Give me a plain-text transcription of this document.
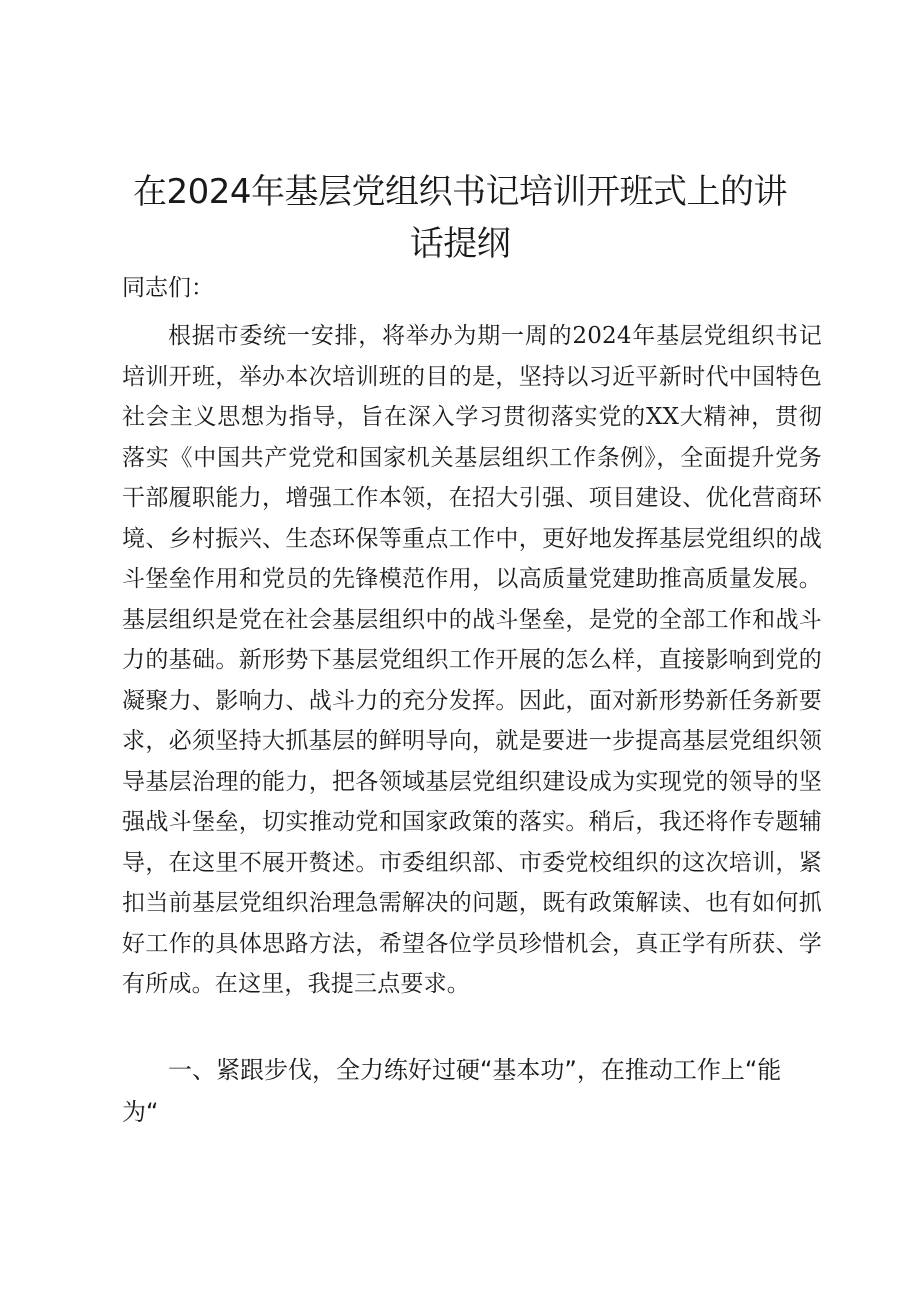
在2024年基层党组织书记培训开班式上的讲
话提纲

同志们：

根据市委统一安排，将举办为期一周的2024年基层党组织书记培训开班，举办本次培训班的目的是，坚持以习近平新时代中国特色社会主义思想为指导，旨在深入学习贯彻落实党的XX大精神，贯彻落实《中国共产党党和国家机关基层组织工作条例》，全面提升党务干部履职能力，增强工作本领，在招大引强、项目建设、优化营商环境、乡村振兴、生态环保等重点工作中，更好地发挥基层党组织的战斗堡垒作用和党员的先锋模范作用，以高质量党建助推高质量发展。基层组织是党在社会基层组织中的战斗堡垒，是党的全部工作和战斗力的基础。新形势下基层党组织工作开展的怎么样，直接影响到党的凝聚力、影响力、战斗力的充分发挥。因此，面对新形势新任务新要求，必须坚持大抓基层的鲜明导向，就是要进一步提高基层党组织领导基层治理的能力，把各领域基层党组织建设成为实现党的领导的坚强战斗堡垒，切实推动党和国家政策的落实。稍后，我还将作专题辅导，在这里不展开赘述。市委组织部、市委党校组织的这次培训，紧扣当前基层党组织治理急需解决的问题，既有政策解读、也有如何抓好工作的具体思路方法，希望各位学员珍惜机会，真正学有所获、学有所成。在这里，我提三点要求。

一、紧跟步伐，全力练好过硬“基本功”，在推动工作上“能为“
